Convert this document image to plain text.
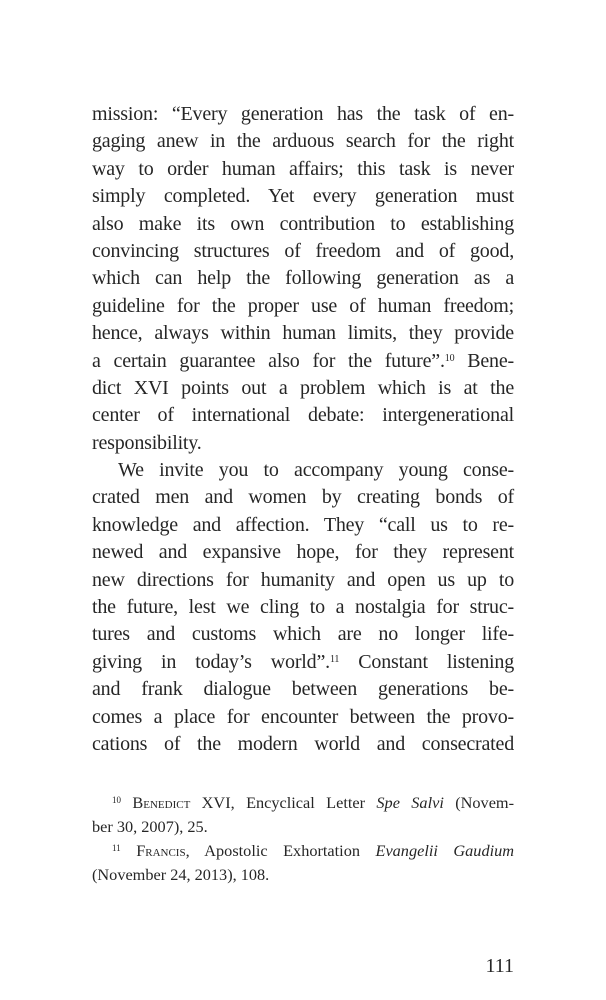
mission: “Every generation has the task of en-
gaging anew in the arduous search for the right
way to order human affairs; this task is never
simply completed. Yet every generation must
also make its own contribution to establishing
convincing structures of freedom and of good,
which can help the following generation as a
guideline for the proper use of human freedom;
hence, always within human limits, they provide
a certain guarantee also for the future”.$^{10}$ Bene-
dict XVI points out a problem which is at the
center of international debate: intergenerational
responsibility.
We invite you to accompany young conse-
crated men and women by creating bonds of
knowledge and affection. They “call us to re-
newed and expansive hope, for they represent
new directions for humanity and open us up to
the future, lest we cling to a nostalgia for struc-
tures and customs which are no longer life-
giving in today’s world”.$^{11}$ Constant listening
and frank dialogue between generations be-
comes a place for encounter between the provo-
cations of the modern world and consecrated
$^{10}$ Benedict XVI, Encyclical Letter Spe Salvi (Novem-
ber 30, 2007), 25.
$^{11}$ Francis, Apostolic Exhortation Evangelii Gaudium
(November 24, 2013), 108.
111
